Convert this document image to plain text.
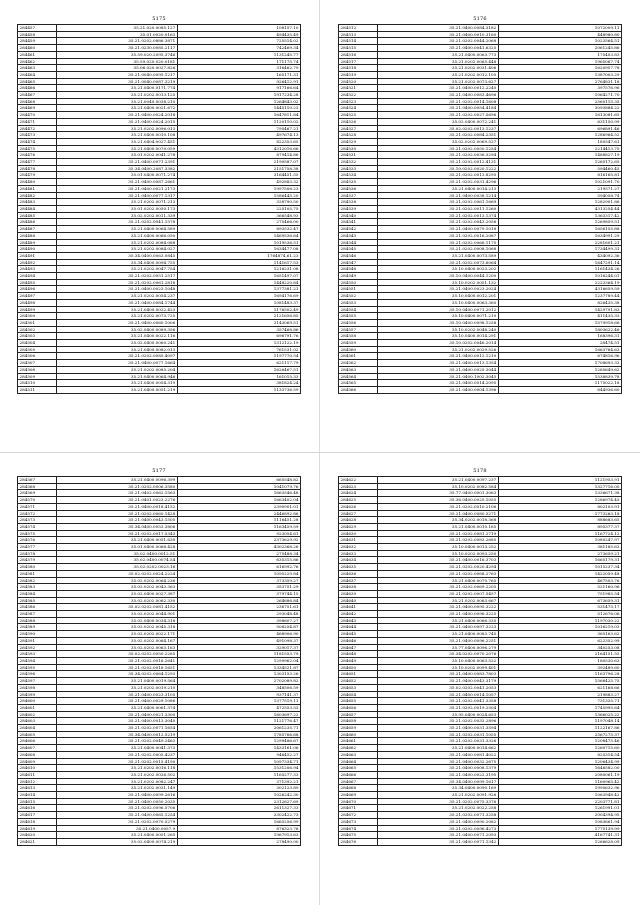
5175
284457	35.21.020.0085.127	108157.10
284458	35.01.0020.0163	494435.49
284459	35.21.0202.0886.3871	725514.02
284460	35.21.0230.0085.2117	742469.34
284461	35.59.020.2095.3746	1131245.77
284462	35.59.020.020.0181	171175.74
284463	35.06.020.0027.826	316462.79
284464	35.21.0040.0095.1217	165171.31
284465	35.21.0040.0087.3219	926412.91
284466	35.21.0400.0171.774	917166.64
284467	35.21.0202.0013.125	1917234.28
284468	35.21.0040.0038.210	1264843.02
284469	35.21.0400.0021.672	1445110.23
284470	35.21.0400.0024.2018	1647811.84
284471	35.21.0400.0024.2015	1120110.02
284472	35.21.0202.0096.013	795467.21
284473	35.21.0400.0010.108	497674.13
284474	35.21.0404.0027.451	822353.65
284475	35.21.0400.0070.059	4312016.66
284476	35.01.0202.0041.278	879414.86
284477	35.21.0400.0071.2391	2190587.07
284478	35.34.0400.2087.3382	2151758.38
284479	35.01.0400.0071.274	3164451.55
284480	35.21.0400.0087.2661	492883.32
284481	35.21.0400.0021.2173	1997508.23
284482	35.21.0400.0077.1317	1586445.20
284483	35.21.0202.0071.213	328790.50
284484	35.01.0202.0050.173	225105.75
284485	35.02.0202.0011.339	366548.93
284486	35.21.0202.0041.1578	275466.00
284487	35.21.0400.0064.589	893532.47
284488	35.21.0400.0066.050	1469536.64
284489	35.21.0202.0084.088	1019536.51
284490	35.21.0202.0084.027	1634477.08
284491	35.34.0400.0063.0845	1764874.61.23
284492	35.34.0400.0094.755	1141617.53
284493	35.21.0202.0047.754	1216231.08
284494	35.21.0202.0051.2517	1651497.07
284495	35.21.0202.0061.2818	1448220.84
284496	35.21.0400.0023.1048	1377381.21
284497	35.21.0202.0054.237	1694176.69
284498	35.21.0400.0084.1744	1081483.37
284499	35.21.0400.0022.423	1176502.49
284500	35.21.0202.0073.725	2121656.85
284501	35.21.0400.0060.1006	3143069.51
284502	35.02.0400.0089.356	357468.86
284503	35.21.0400.0022.116	696791.76
284504	35.02.0400.0060.241	1312122.19
284505	35.21.0400.0082.013	761531.02
284506	35.21.0202.0085.4097	1197770.54
284507	35.21.0400.0077.1664	621117.79
284508	35.21.0202.0085.204	1626467.51
284509	35.21.0400.0064.946	161015.33
284510	35.21.0400.0054.319	381824.24
284511	35.21.0400.0051.219	1133736.59
5176
284512	35.21.0400.0084.3182	1072009.11
284513	35.21.0400.0010.3160	448980.80
284514	35.21.0202.0044.2068	1023564.51
284515	35.21.0400.0041.6325	2061245.86
284516	35.21.0400.0063.773	175403.83
284517	35.21.0202.0065.448	1965067.74
284518	35.21.0202.0031.406	1620957.78
284519	35.21.0202.0012.105	1387003.29
284520	35.21.0202.0073.627	2764831.18
284521	35.21.0400.0012.2240	397576.96
284522	35.21.0400.0083.4696	1064271.70
284523	35.21.0202.0014.1608	2560115.35
284524	35.21.0400.0054.4184	3093884.22
284525	35.21.0202.0027.5696	1613081.65
284526	35.02.0400.0072.241	631150.99
284527	35.02.0202.0013.1237	696891.46
284528	35.21.0202.0084.2351	1286964.52
284529	35.02.0202.0069.527	185547.61
284530	35.21.0202.0050.1254	2214413.75
284531	35.21.0202.0036.3294	1488827.19
284532	35.21.0202.0012.4131	1265172.65
284533	35.10.0202.0020.1222	594460.45
284534	35.21.0202.0013.8295	816165.81
284535	35.21.0202.0031.4296	1021091.70
284536	35.21.0400.0014.213	219571.27
284537	35.21.0400.0038.1214	594058.74
284538	35.21.0202.0061.1669	1282901.86
284539	35.21.0202.0011.1260	4313254.44
284540	35.21.0202.0013.1374	1363317.42
284541	35.21.0202.0043.2056	1269859.51
284542	35.21.0400.0079.1018	1656155.88
284543	35.21.0202.0016.2087	1634991.29
284544	35.21.0202.0066.1175	2281601.21
284545	35.21.0202.0008.1068	1734499.31
284546	35.21.0400.0073.589	434092.36
284547	35.21.0202.0073.6064	1647291.14
284548	35.10.0400.0023.202	1161434.26
284549	35.10.0400.0044.1200	1016244.01
284550	35.10.0202.0051.132	2223364.19
284551	35.21.0400.0023.2024	4316659.59
284552	35.10.0400.0012.201	1237789.44
284553	35.10.0400.0063.360	826435.38
284554	35.10.0400.0071.2012	1429791.83
284555	35.10.0400.0071.210	411435.33
284556	35.10.0400.0098.1258	1579918.66
284557	35.10.0202.0048.240	1803622.46
284558	35.10.0400.0014.291	168396.31
284559	35.10.0202.0046.2014	28474.51
284560	35.21.0202.0029.526	1663764.63
284561	35.21.0400.0012.1210	674816.96
284562	35.21.0400.0013.1354	1708693.33
284563	35.21.0400.0025.3044	1285649.62
284564	35.21.0400.1002.3045	1538839.78
284565	35.21.0400.0014.2095	1175022.18
284566	35.21.0400.0004.1396	644936.60
5177
284567	35.21.0400.0096.399	665548.82
284568	35.21.0202.0006.3580	1041079.76
284569	35.21.0402.0062.1563	1663546.48
284570	35.21.0401.0023.2276	1663402.04
284571	35.21.0400.0018.4152	2390901.01
284572	35.21.0202.0060.1428	2446892.86
284573	35.21.0400.0043.1505	1116451.28
284574	35.34.0400.0053.3806	1163459.59
284575	35.21.0202.0017.5343	923054.61
284576	35.21.0400.0051.630	2373629.92
284577	35.01.0400.0068.428	4302368.26
284578	35.02.0400.0012.51	275488.34
284579	35.02.0400.0074.54	635315.86
284580	35.02.0202.0023.16	616992.76
284581	35.02.0202.0024.2224	1095229.84
284582	35.02.0202.0064.236	373359.27
284583	35.02.0202.0043.363	353751.29
284584	35.02.0400.0027.387	379744.15
284585	35.02.0202.0062.330	264686.84
284586	35.02.0202.0081.4152	236751.61
284587	35.02.0202.0044.901	293048.48
284588	35.02.0400.0034.318	398607.27
284589	35.02.0202.0045.318	508254.87
284590	35.02.0202.0022.171	468906.90
284591	35.02.0202.0064.167	491098.37
284592	35.02.0202.0063.163	329017.37
284593	35.02.0202.0050.2285	1181553.79
284594	35.21.0202.0016.2641	1299962.04
284595	35.21.0202.0016.1651	1334521.87
284596	35.34.0202.0064.1293	1303153.26
284597	35.21.0400.0019.564	2702089.82
284598	35.21.0202.0019.210	348506.59
284599	35.21.0400.0023.3105	937141.37
284600	35.21.0400.0029.1086	1377519.11
284601	35.21.0400.0061.374	472553.53
284602	35.21.0400.0021.3300	1603697.22
284603	35.21.0400.0013.3040	1121776.47
284604	35.21.0202.0071.1654	2061235.71
284605	35.34.0400.0012.5219	1785766.68
284606	35.21.0202.0049.2463	1299486.67
284607	35.21.0400.0041.373	1433161.06
284608	35.21.0202.0005.4237	946452.27
284609	35.21.0202.0015.4190	1097334.71
284610	35.21.0202.0016.118	1531206.94
284611	35.21.0202.0026.502	1165277.33
284612	35.21.0202.0082.247	371392.21
284613	35.21.0202.0031.149	302123.89
284614	35.21.0400.0099.2616	1026242.30
284615	35.21.0400.0050.2035	2312627.69
284616	35.21.0202.0096.5706	2611327.33
284617	35.21.0400.0065.1254	2302422.73
284618	35.21.0202.0070.5279	1665256.99
284619	35.21.0400.0057.9	876323.78
284620	35.21.0400.0051.265	1967913.63
284621	35.02.0400.0074.219	278490.00
5178
284622	35.21.0400.0097.237	1121953.91
284623	35.10.0202.0082.584	1327716.00
284624	35.77.0400.0001.3063	1336671.38
284625	35.36.0400.0025.1055	1286974.45
284626	35.21.0202.0010.2106	802103.91
284627	35.21.0400.0080.5271	1773263.18
284628	35.34.0202.0018.368	888683.65
284629	35.21.0400.0010.165	895377.37
284630	35.21.0202.0081.2719	1167724.12
284631	35.21.0202.0083.2685	1080247.97
284632	35.10.0400.0013.252	381185.63
284633	35.10.0202.0093.250	273659.21
284634	35.21.0400.0016.3703	1665179.31
284635	35.21.0202.0020.4294	1015237.34
284636	35.21.0202.0068.2763	1422059.48
284637	35.21.0400.0070.765	467503.76
284638	35.21.0202.0069.2205	521160.96
284639	35.21.0202.0007.5457	751985.54
284640	35.21.0202.0063.667	673659.31
284641	35.21.0400.0095.3222	531475.17
284642	35.21.0400.0096.3225	512676.06
284643	35.21.0400.0066.335	1197030.22
284644	35.21.0400.0097.3223	1016219.03
284645	35.21.0400.0083.745	365163.62
284646	35.21.0400.0096.2251	622352.99
284647	35.77.0400.0096.279	340253.08
284648	35.34.0202.0070.2076	2164151.55
284649	35.10.0400.0063.522	180530.63
284650	35.10.0202.0099.401	392489.60
284651	35.21.0400.0083.7803	1163796.28
284652	35.21.0400.0043.3179	1566425.75
284653	35.02.0202.0041.2053	621168.66
284654	35.21.0400.0014.1057	219883.27
284655	35.21.0202.0041.3358	731335.71
284656	35.21.0202.0019.2504	1745995.64
284657	35.95.0400.0024.653	1366025.22
284658	35.21.0202.0033.2896	1197048.14
284659	35.21.0400.0031.3594	1122167.86
284660	35.21.0202.0031.1055	2567275.37
284661	35.21.0202.0031.3326	1208475.46
284662	35.21.0400.0014.662	1260715.60
284663	35.21.0400.0081.4022	825314.54
284664	35.21.0400.0032.2675	1206434.99
284665	35.21.0400.0008.1379	1646582.00
284666	35.21.0400.0022.3195	2080061.19
284667	35.34.0400.0099.1617	1160965.42
284668	35.34.0400.0090.169	1995632.96
284669	35.21.0202.0091.926	1063948.42
284670	35.21.0202.0075.3376	2203771.81
284671	35.21.0202.0022.258	1261991.01
284672	35.21.0202.0071.3258	2004394.95
284673	35.21.0400.0090.2082	1083661.94
284674	35.21.0202.0096.4273	1775139.99
284675	35.21.0400.0071.2093	4167741.31
284676	35.21.0400.0071.1342	1266628.09
